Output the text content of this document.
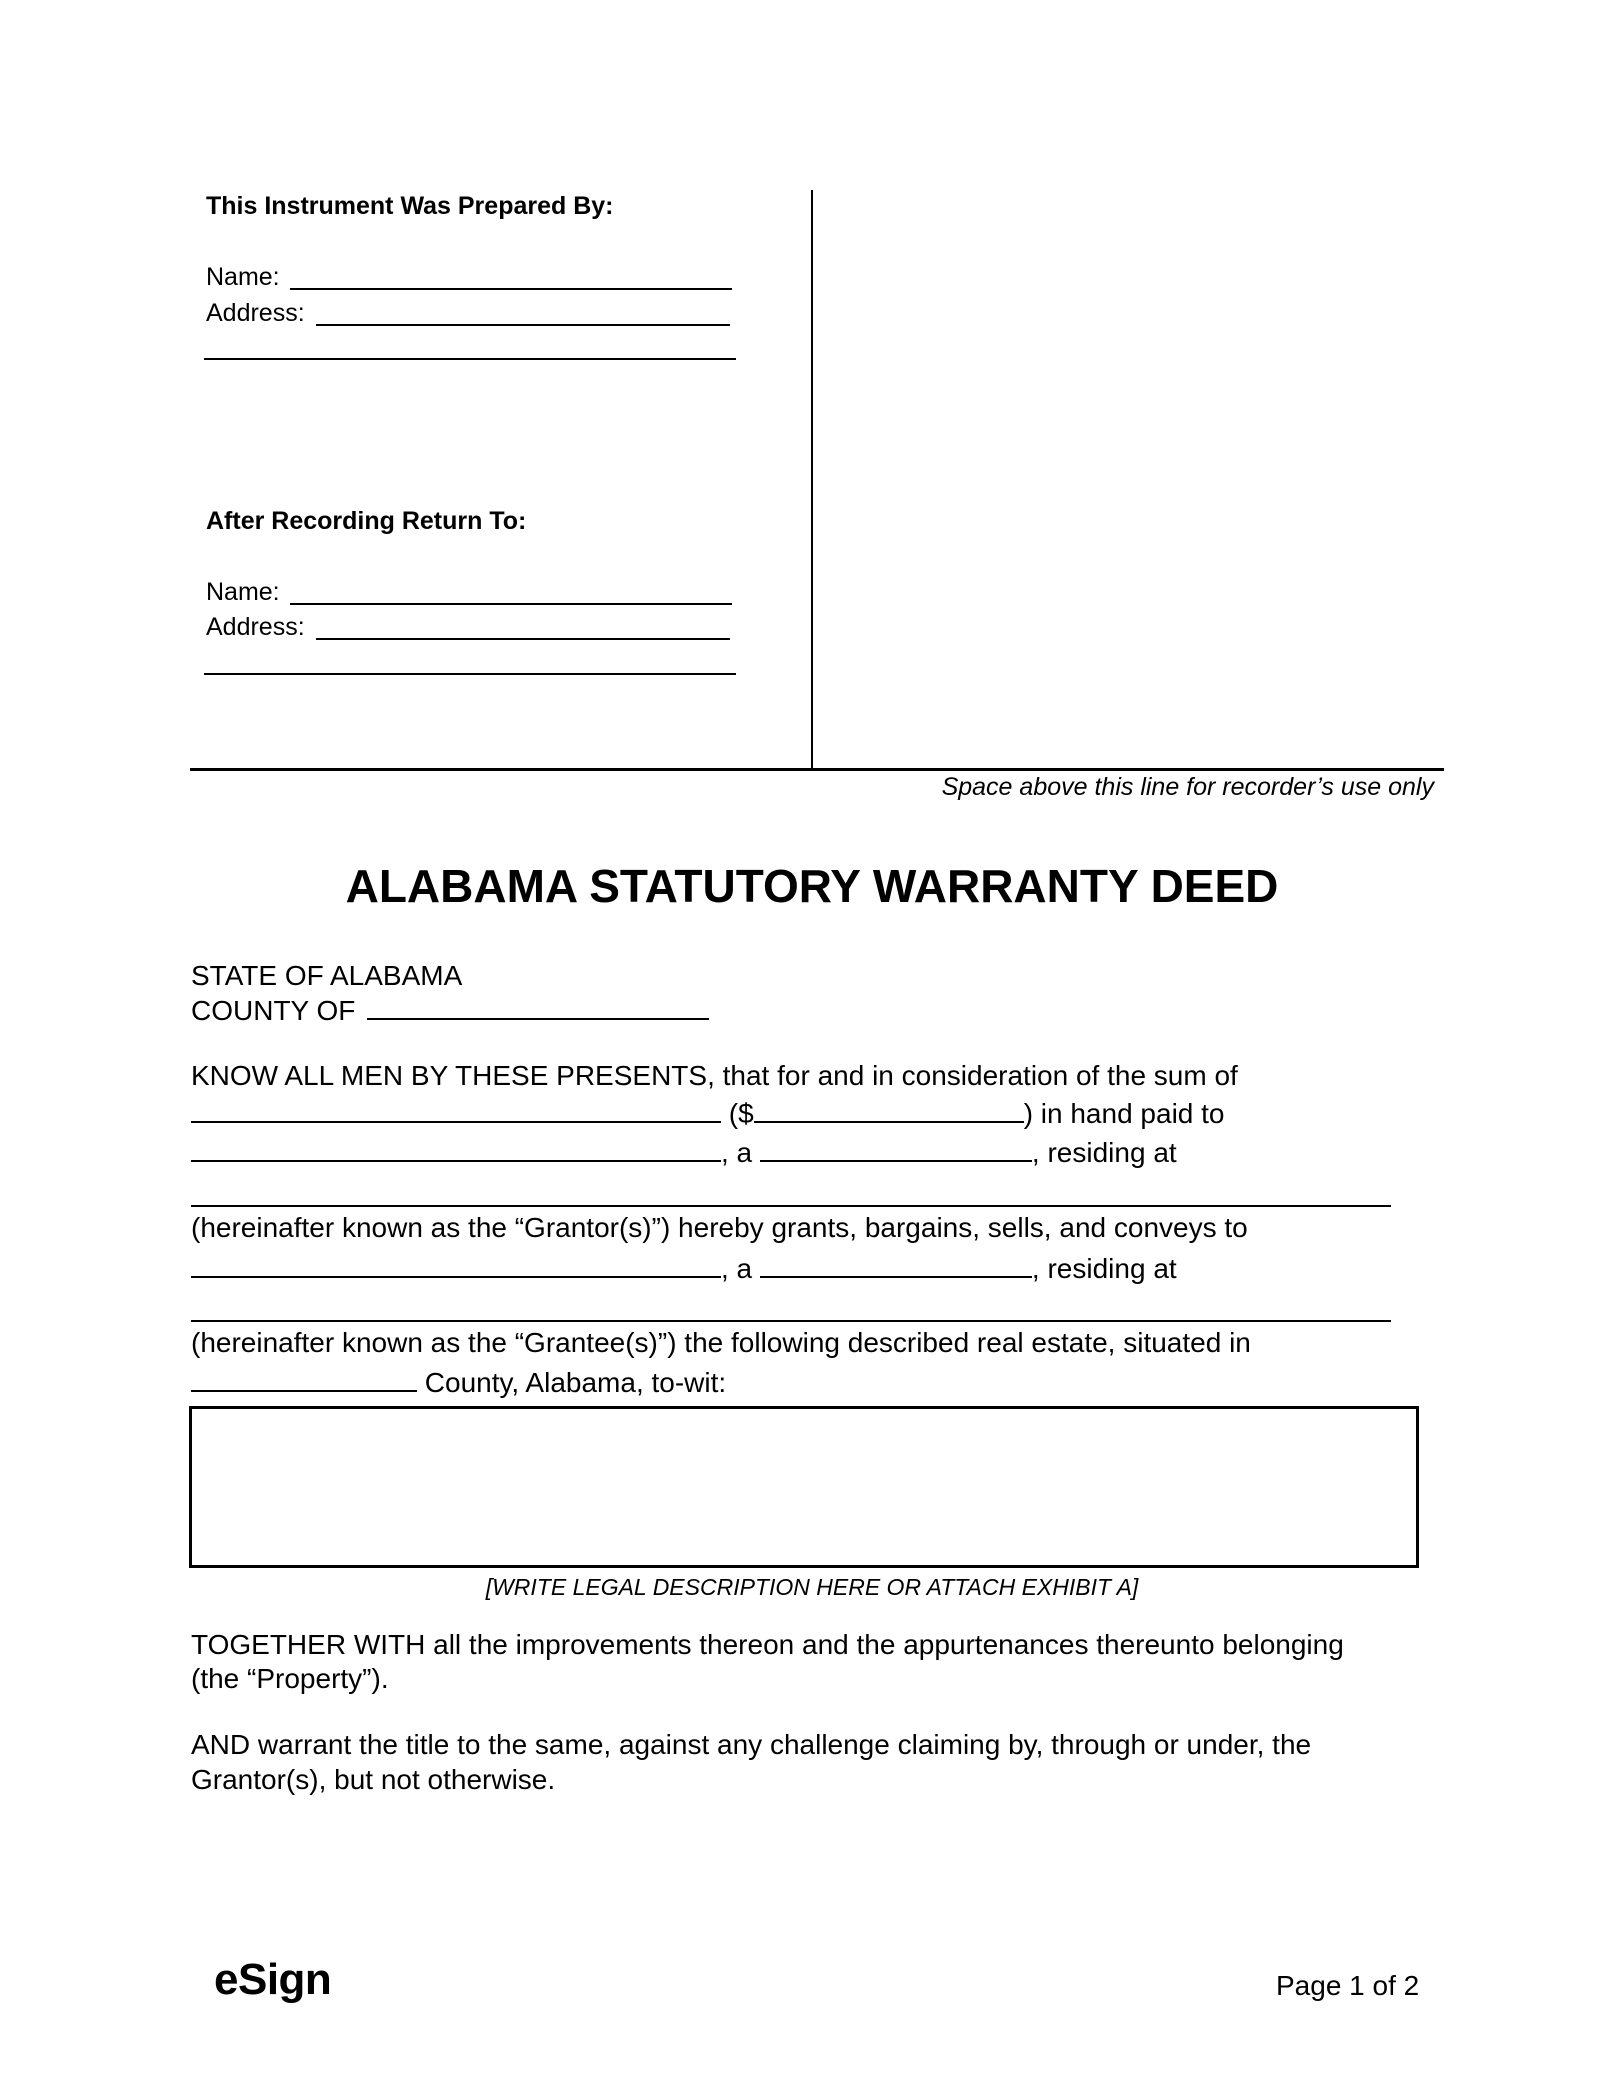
This Instrument Was Prepared By:
Name:
Address:
After Recording Return To:
Name:
Address:
Space above this line for recorder’s use only
ALABAMA STATUTORY WARRANTY DEED
STATE OF ALABAMA
COUNTY OF
KNOW ALL MEN BY THESE PRESENTS, that for and in consideration of the sum of
($	) in hand paid to
, a	, residing at
(hereinafter known as the “Grantor(s)”) hereby grants, bargains, sells, and conveys to
, a	, residing at
(hereinafter known as the “Grantee(s)”) the following described real estate, situated in
County, Alabama, to-wit:
[WRITE LEGAL DESCRIPTION HERE OR ATTACH EXHIBIT A]
TOGETHER WITH all the improvements thereon and the appurtenances thereunto belonging
(the “Property”).
AND warrant the title to the same, against any challenge claiming by, through or under, the
Grantor(s), but not otherwise.
eSign	Page 1 of 2
